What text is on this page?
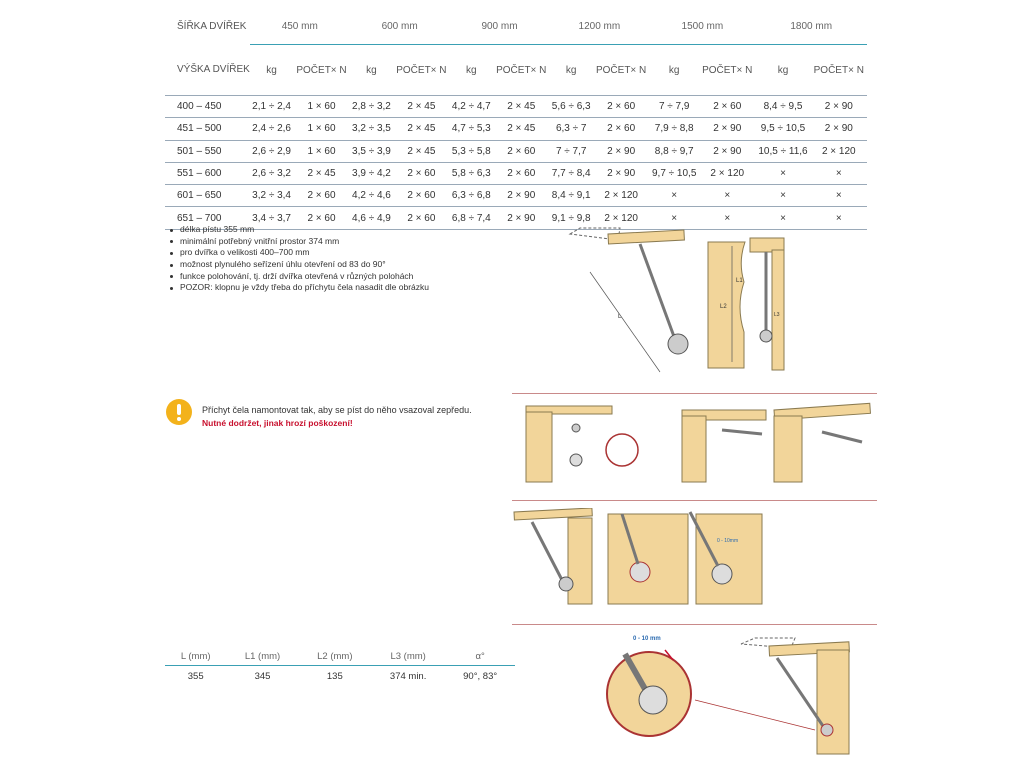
ŠÍŘKA DVÍŘEK	450 mm		600 mm		900 mm		1200 mm		1500 mm		1800 mm	
VÝŠKA DVÍŘEK	kg	POČET× N	kg	POČET× N	kg	POČET× N	kg	POČET× N	kg	POČET× N	kg	POČET× N
400 – 450	2,1 ÷ 2,4	1 × 60	2,8 ÷ 3,2	2 × 45	4,2 ÷ 4,7	2 × 45	5,6 ÷ 6,3	2 × 60	7 ÷ 7,9	2 × 60	8,4 ÷ 9,5	2 × 90
451 – 500	2,4 ÷ 2,6	1 × 60	3,2 ÷ 3,5	2 × 45	4,7 ÷ 5,3	2 × 45	6,3 ÷ 7	2 × 60	7,9 ÷ 8,8	2 × 90	9,5 ÷ 10,5	2 × 90
501 – 550	2,6 ÷ 2,9	1 × 60	3,5 ÷ 3,9	2 × 45	5,3 ÷ 5,8	2 × 60	7 ÷ 7,7	2 × 90	8,8 ÷ 9,7	2 × 90	10,5 ÷ 11,6	2 × 120
551 – 600	2,6 ÷ 3,2	2 × 45	3,9 ÷ 4,2	2 × 60	5,8 ÷ 6,3	2 × 60	7,7 ÷ 8,4	2 × 90	9,7 ÷ 10,5	2 × 120	×	×
601 – 650	3,2 ÷ 3,4	2 × 60	4,2 ÷ 4,6	2 × 60	6,3 ÷ 6,8	2 × 90	8,4 ÷ 9,1	2 × 120	×	×	×	×
651 – 700	3,4 ÷ 3,7	2 × 60	4,6 ÷ 4,9	2 × 60	6,8 ÷ 7,4	2 × 90	9,1 ÷ 9,8	2 × 120	×	×	×	×
délka pístu 355 mm
minimální potřebný vnitřní prostor 374 mm
pro dvířka o velikosti 400–700 mm
možnost plynulého seřízení úhlu otevření od 83 do 90°
funkce polohování, tj. drží dvířka otevřená v různých polohách
POZOR: klopnu je vždy třeba do příchytu čela nasadit dle obrázku
L1
L2
L	L3
Příchyt čela namontovat tak, aby se píst do něho vsazoval zepředu.
Nutné dodržet, jinak hrozí poškození!
0 - 10mm
0 - 10 mm
L (mm)	L1 (mm)	L2 (mm)	L3 (mm)	α°
355	345	135	374 min.	90°, 83°
